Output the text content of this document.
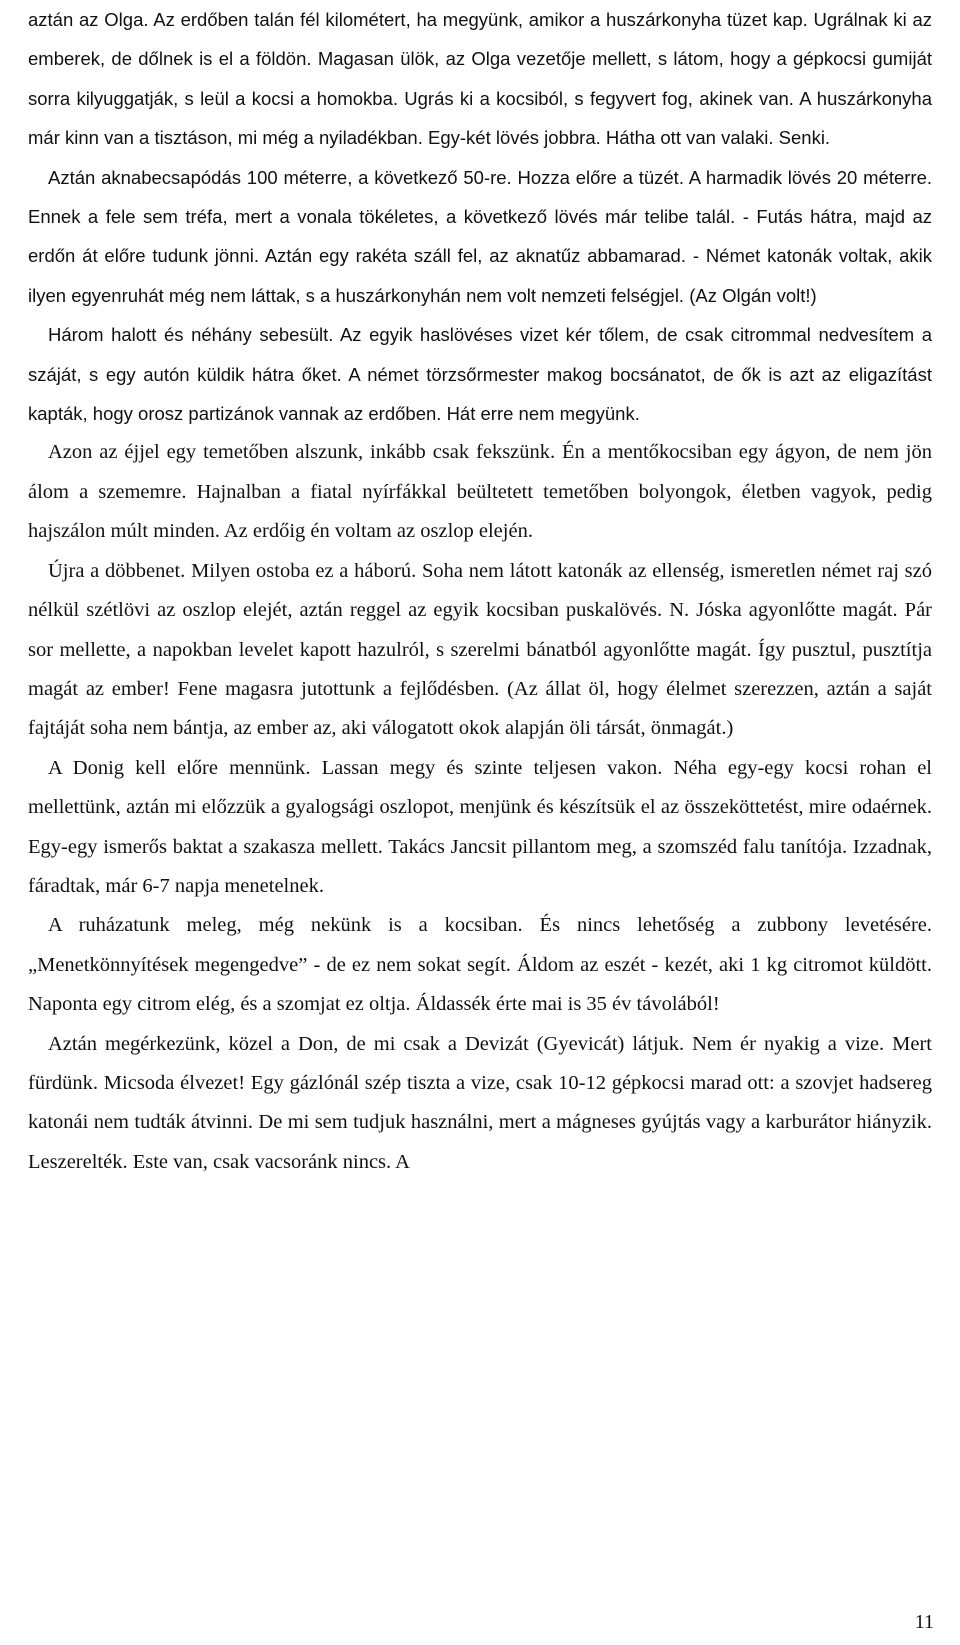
aztán az Olga. Az erdőben talán fél kilométert, ha megyünk, amikor a huszárkonyha tüzet kap. Ugrálnak ki az emberek, de dőlnek is el a földön. Magasan ülök, az Olga vezetője mellett, s látom, hogy a gépkocsi gumiját sorra kilyuggatják, s leül a kocsi a homokba. Ugrás ki a kocsiból, s fegyvert fog, akinek van. A huszárkonyha már kinn van a tisztáson, mi még a nyiladékban. Egy-két lövés jobbra. Hátha ott van valaki. Senki.

Aztán aknabecsapódás 100 méterre, a következő 50-re. Hozza előre a tüzét. A harmadik lövés 20 méterre. Ennek a fele sem tréfa, mert a vonala tökéletes, a következő lövés már telibe talál. - Futás hátra, majd az erdőn át előre tudunk jönni. Aztán egy rakéta száll fel, az aknatűz abbamarad. - Német katonák voltak, akik ilyen egyenruhát még nem láttak, s a huszárkonyhán nem volt nemzeti felségjel. (Az Olgán volt!)

Három halott és néhány sebesült. Az egyik haslövéses vizet kér tőlem, de csak citrommal nedvesítem a száját, s egy autón küldik hátra őket. A német törzsőrmester makog bocsánatot, de ők is azt az eligazítást kapták, hogy orosz partizánok vannak az erdőben. Hát erre nem megyünk.

Azon az éjjel egy temetőben alszunk, inkább csak fekszünk. Én a mentőkocsiban egy ágyon, de nem jön álom a szememre. Hajnalban a fiatal nyírfákkal beültetett temetőben bolyongok, életben vagyok, pedig hajszálon múlt minden. Az erdőig én voltam az oszlop elején.

Újra a döbbenet. Milyen ostoba ez a háború. Soha nem látott katonák az ellenség, ismeretlen német raj szó nélkül szétlövi az oszlop elejét, aztán reggel az egyik kocsiban puskalövés. N. Jóska agyonlőtte magát. Pár sor mellette, a napokban levelet kapott hazulról, s szerelmi bánatból agyonlőtte magát. Így pusztul, pusztítja magát az ember! Fene magasra jutottunk a fejlődésben. (Az állat öl, hogy élelmet szerezzen, aztán a saját fajtáját soha nem bántja, az ember az, aki válogatott okok alapján öli társát, önmagát.)

A Donig kell előre mennünk. Lassan megy és szinte teljesen vakon. Néha egy-egy kocsi rohan el mellettünk, aztán mi előzzük a gyalogsági oszlopot, menjünk és készítsük el az összeköttetést, mire odaérnek. Egy-egy ismerős baktat a szakasza mellett. Takács Jancsit pillantom meg, a szomszéd falu tanítója. Izzadnak, fáradtak, már 6-7 napja menetelnek.

A ruházatunk meleg, még nekünk is a kocsiban. És nincs lehetőség a zubbony levetésére. „Menetkönnyítések megengedve” - de ez nem sokat segít. Áldom az eszét - kezét, aki 1 kg citromot küldött. Naponta egy citrom elég, és a szomjat ez oltja. Áldassék érte mai is 35 év távolából!

Aztán megérkezünk, közel a Don, de mi csak a Devizát (Gyevicát) látjuk. Nem ér nyakig a vize. Mert fürdünk. Micsoda élvezet! Egy gázlónál szép tiszta a vize, csak 10-12 gépkocsi marad ott: a szovjet hadsereg katonái nem tudták átvinni. De mi sem tudjuk használni, mert a mágneses gyújtás vagy a karburátor hiányzik. Leszerelték. Este van, csak vacsoránk nincs. A

11
